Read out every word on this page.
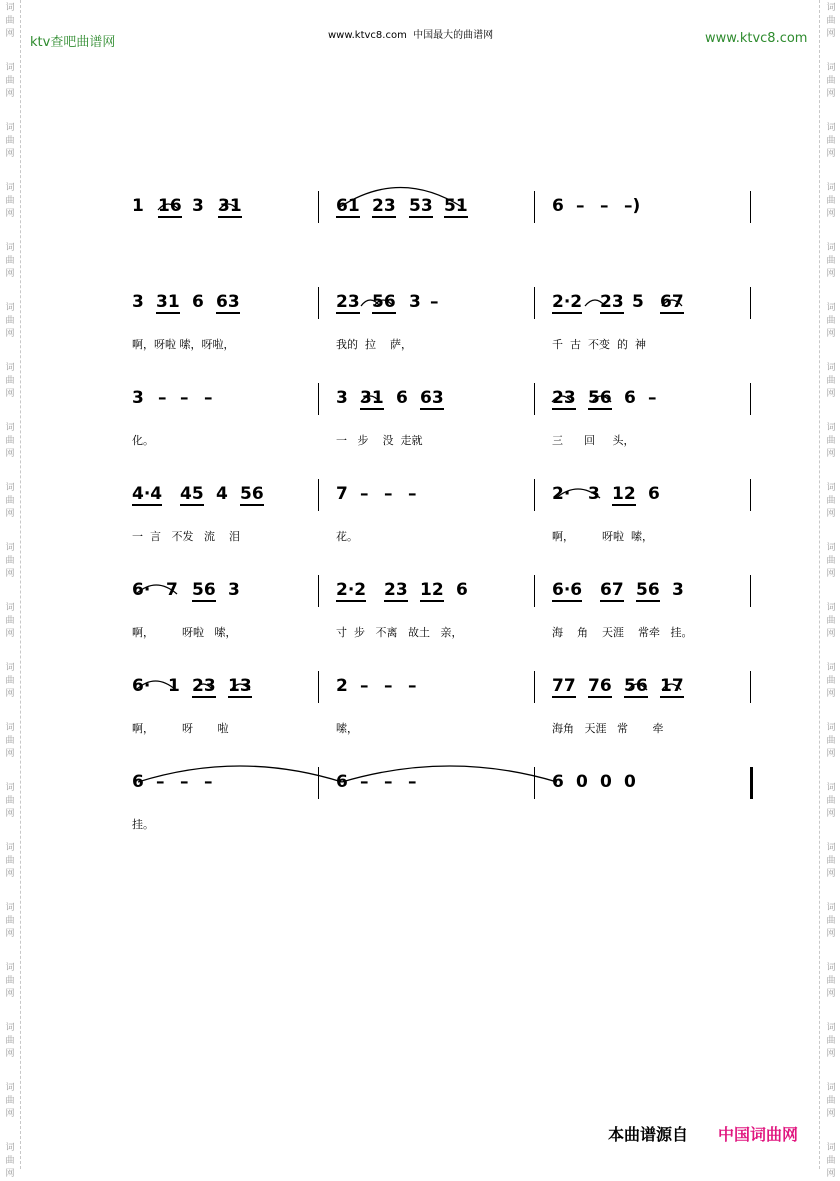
词
曲
网
词
曲
网
词
曲
网
词
曲
网
词
曲
网
词
曲
网
词
曲
网
词
曲
网
词
曲
网
词
曲
网
词
曲
网
词
曲
网
词
曲
网
词
曲
网
词
曲
网
词
曲
网
词
曲
网
词
曲
网
词
曲
网
词
曲
网
词
曲
网
词
曲
网
词
曲
网
词
曲
网
词
曲
网
词
曲
网
词
曲
网
词
曲
网
词
曲
网
词
曲
网
词
曲
网
词
曲
网
词
曲
网
词
曲
网
词
曲
网
词
曲
网
词
曲
网
词
曲
网
词
曲
网
词
曲
网
ktv查吧曲谱网	www.ktvc8.com  中国最大的曲谱网	www.ktvc8.com
1 16 3 31	61 23 53 51	6 – – –)
3 31 6 63	23 56 3 –	2·2 23 5 67
啊，呀啦 嗦，呀啦，	我的  拉    萨，	千  古  不变  的  神
3 – – –	3 31 6 63	23 56 6 –
化。	一   步    没  走就	三      回     头，
4·4 45 4 56	7 – – –	2· 3 12 6
一  言   不发   流    泪	花。	啊，        呀啦  嗦，
6· 7 56 3	2·2 23 12 6	6·6 67 56 3
啊，        呀啦   嗦，	寸  步   不离   故土   亲，	海    角    天涯    常牵   挂。
6· 1 23 13	2 – – –	77 76 56 17
啊，        呀       啦	嗦，	海角   天涯   常       牵
6 – – –	6 – – –	6 0 0 0
挂。
本曲谱源自 中国词曲网
